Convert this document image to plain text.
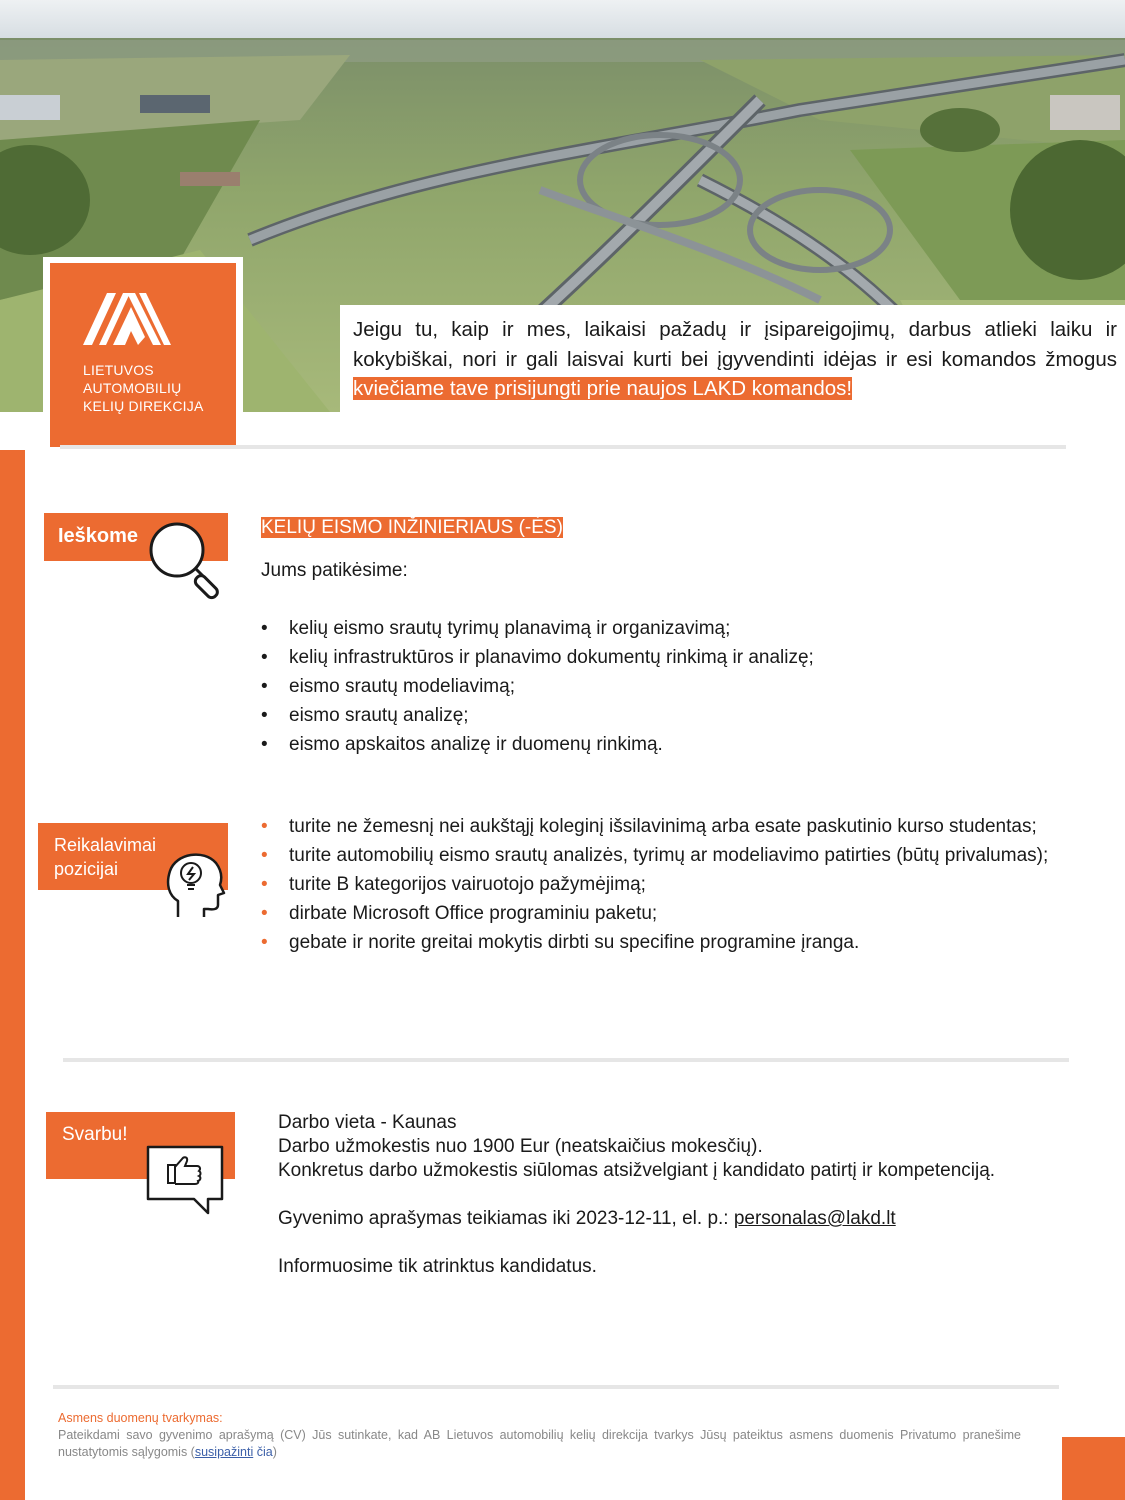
LIETUVOS
AUTOMOBILIŲ
KELIŲ DIREKCIJA

Jeigu tu, kaip ir mes, laikaisi pažadų ir įsipareigojimų, darbus atlieki laiku ir kokybiškai, nori ir gali laisvai kurti bei įgyvendinti idėjas ir esi komandos žmogus kviečiame tave prisijungti prie naujos LAKD komandos!

Ieškome	KELIŲ EISMO INŽINIERIAUS (-ĖS)
Jums patikėsime:
• kelių eismo srautų tyrimų planavimą ir organizavimą;
• kelių infrastruktūros ir planavimo dokumentų rinkimą ir analizę;
• eismo srautų modeliavimą;
• eismo srautų analizę;
• eismo apskaitos analizę ir duomenų rinkimą.
Reikalavimai

pozicijai
• turite ne žemesnį nei aukštąjį koleginį išsilavinimą arba esate paskutinio kurso studentas;
• turite automobilių eismo srautų analizės, tyrimų ar modeliavimo patirties (būtų privalumas);
• turite B kategorijos vairuotojo pažymėjimą;
• dirbate Microsoft Office programiniu paketu;
• gebate ir norite greitai mokytis dirbti su specifine programine įranga.
Svarbu!
Darbo vieta - Kaunas
Darbo užmokestis nuo 1900 Eur (neatskaičius mokesčių).
Konkretus darbo užmokestis siūlomas atsižvelgiant į kandidato patirtį ir kompetenciją.
Gyvenimo aprašymas teikiamas iki 2023-12-11, el. p.: personalas@lakd.lt
Informuosime tik atrinktus kandidatus.
Asmens duomenų tvarkymas:
Pateikdami savo gyvenimo aprašymą (CV) Jūs sutinkate, kad AB Lietuvos automobilių kelių direkcija tvarkys Jūsų pateiktus asmens duomenis Privatumo pranešime nustatytomis sąlygomis (susipažinti čia)
